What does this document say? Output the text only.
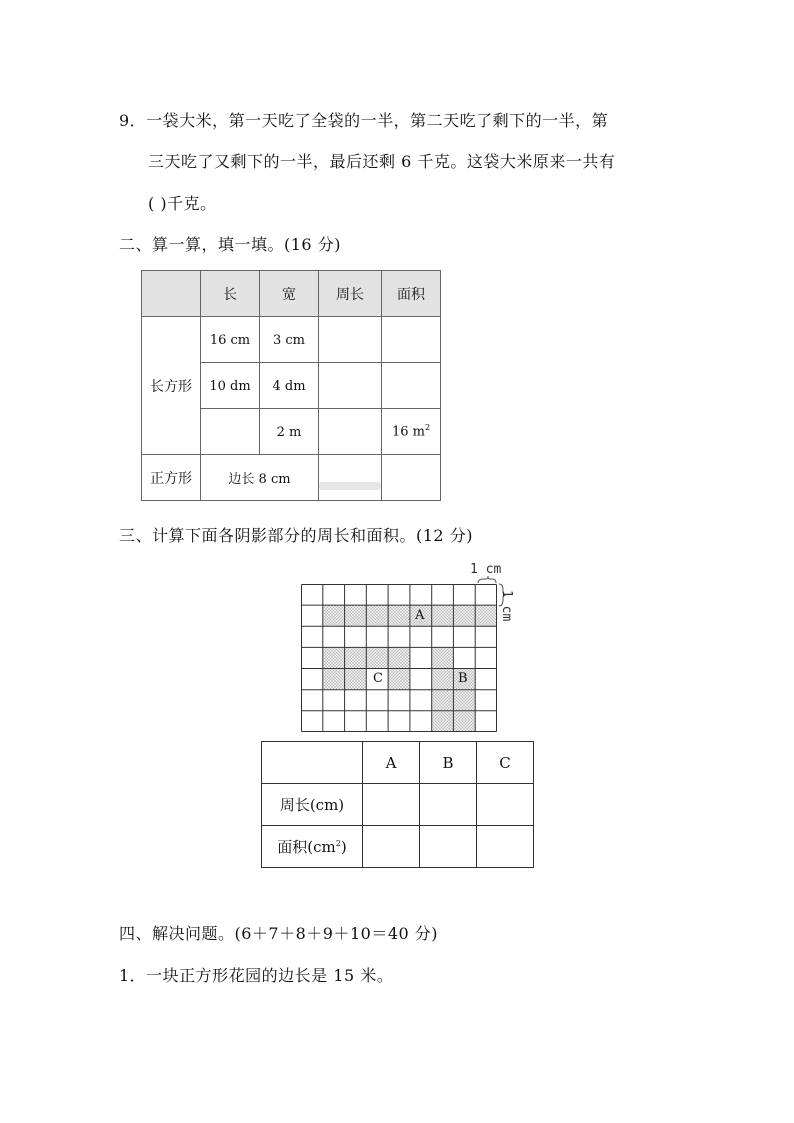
9．一袋大米，第一天吃了全袋的一半，第二天吃了剩下的一半，第
三天吃了又剩下的一半，最后还剩 6 千克。这袋大米原来一共有
( )千克。
二、算一算，填一填。(16 分)
	长	宽	周长	面积
长方形	16 cm	3 cm		
	10 dm	4 dm		
		2 m		16 $m^2$
正方形	边长 8 cm			
三、计算下面各阴影部分的周长和面积。(12 分)
A
C	B
1 cm
1 cm
	A	B	C
周长(cm)			
面积$(cm^2)$			
四、解决问题。(6＋7＋8＋9＋10＝40 分)
1．一块正方形花园的边长是 15 米。
